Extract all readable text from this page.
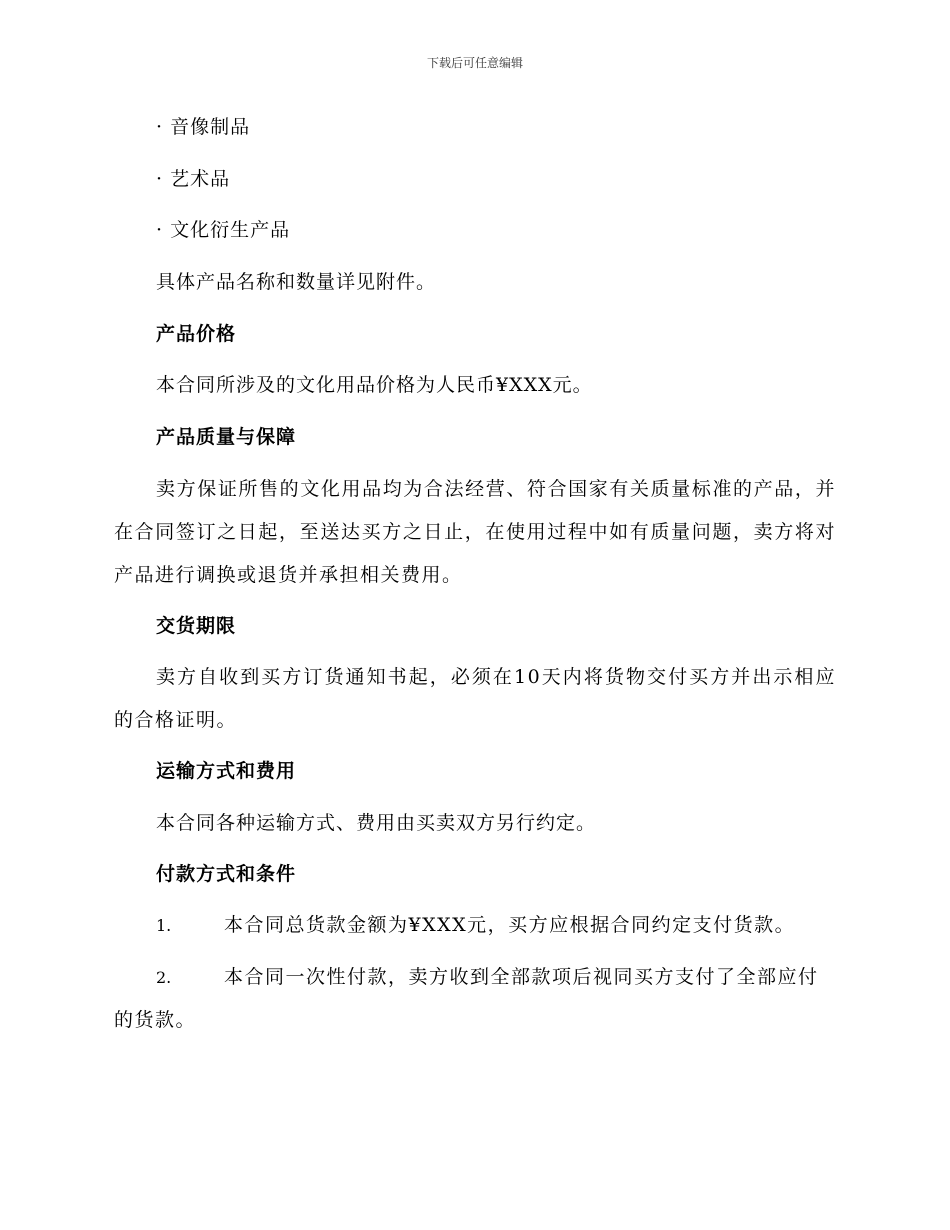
下载后可任意编辑
· 音像制品
· 艺术品
· 文化衍生产品
具体产品名称和数量详见附件。
产品价格
本合同所涉及的文化用品价格为人民币¥XXX元。
产品质量与保障
卖方保证所售的文化用品均为合法经营、符合国家有关质量标准的产品，并在合同签订之日起，至送达买方之日止，在使用过程中如有质量问题，卖方将对产品进行调换或退货并承担相关费用。
交货期限
卖方自收到买方订货通知书起，必须在10天内将货物交付买方并出示相应的合格证明。
运输方式和费用
本合同各种运输方式、费用由买卖双方另行约定。
付款方式和条件
1.	本合同总货款金额为¥XXX元，买方应根据合同约定支付货款。
2.	本合同一次性付款，卖方收到全部款项后视同买方支付了全部应付的货款。
